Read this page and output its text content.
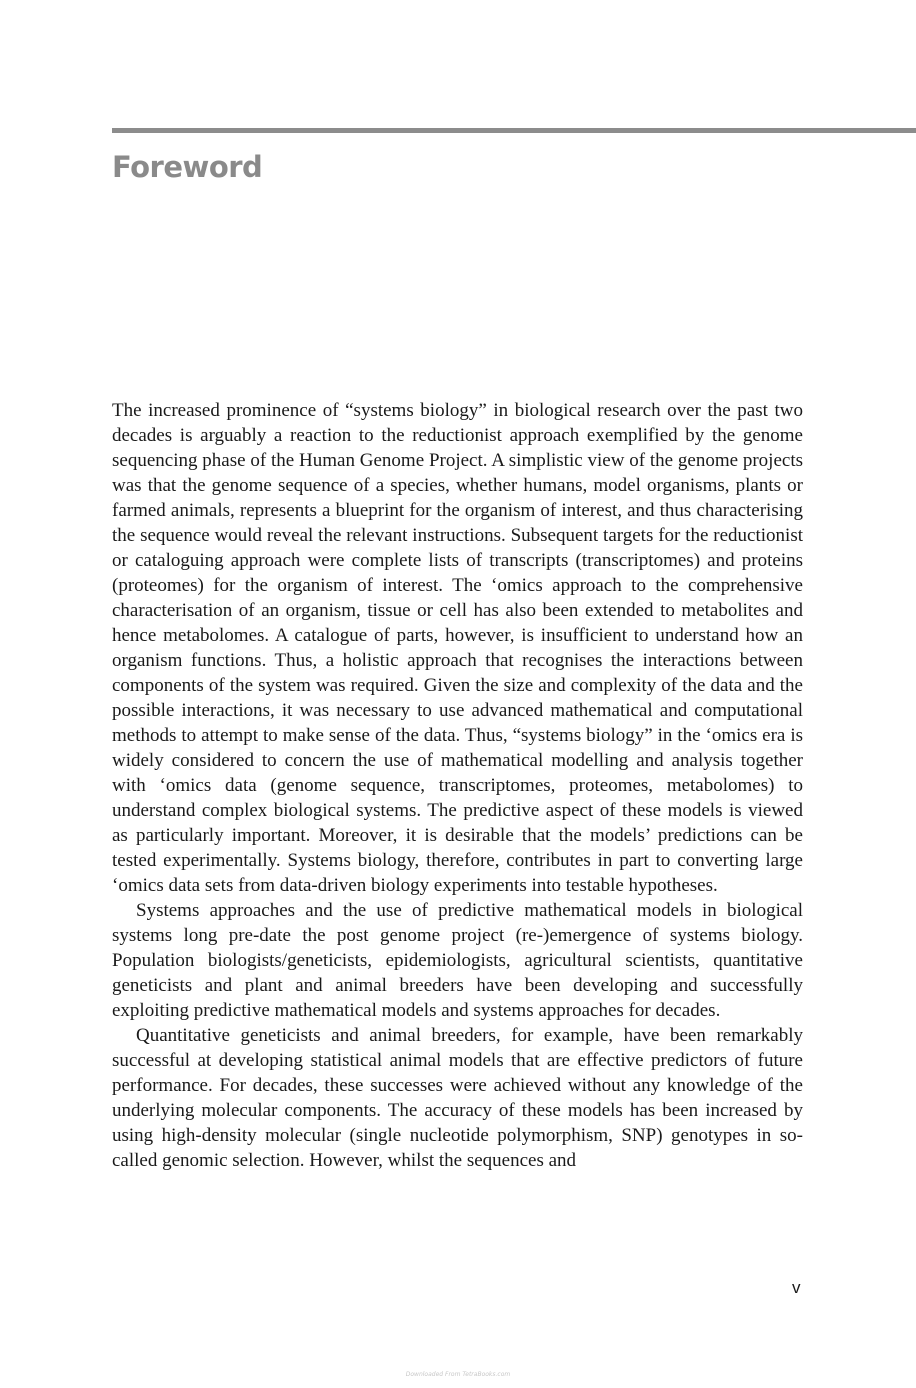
Foreword

The increased prominence of “systems biology” in biological research over the past two decades is arguably a reaction to the reductionist approach exemplified by the genome sequencing phase of the Human Genome Project. A simplistic view of the genome projects was that the genome sequence of a species, whether humans, model organisms, plants or farmed animals, represents a blueprint for the organism of interest, and thus characterising the sequence would reveal the relevant instructions. Subsequent targets for the reductionist or cataloguing approach were complete lists of transcripts (transcriptomes) and proteins (proteomes) for the organism of interest. The ‘omics approach to the comprehensive characterisation of an organism, tissue or cell has also been extended to metabolites and hence metabolomes. A catalogue of parts, however, is insufficient to understand how an organism functions. Thus, a holistic approach that recognises the interactions between components of the system was required. Given the size and complexity of the data and the possible interactions, it was necessary to use advanced mathematical and computational methods to attempt to make sense of the data. Thus, “systems biology” in the ‘omics era is widely considered to concern the use of mathematical modelling and analysis together with ‘omics data (genome sequence, transcriptomes, proteomes, metabolomes) to understand complex biological systems. The predictive aspect of these models is viewed as particularly important. Moreover, it is desirable that the models’ predictions can be tested experimentally. Systems biology, therefore, contributes in part to converting large ‘omics data sets from data-driven biology experiments into testable hypotheses.

Systems approaches and the use of predictive mathematical models in biological systems long pre-date the post genome project (re-)emergence of systems biology. Population biologists/geneticists, epidemiologists, agricultural scientists, quantitative geneticists and plant and animal breeders have been developing and successfully exploiting predictive mathematical models and systems approaches for decades.

Quantitative geneticists and animal breeders, for example, have been remarkably successful at developing statistical animal models that are effective predictors of future performance. For decades, these successes were achieved without any knowledge of the underlying molecular components. The accuracy of these models has been increased by using high-density molecular (single nucleotide polymorphism, SNP) genotypes in so-called genomic selection. However, whilst the sequences and

v
Downloaded From TetraBooks.com
